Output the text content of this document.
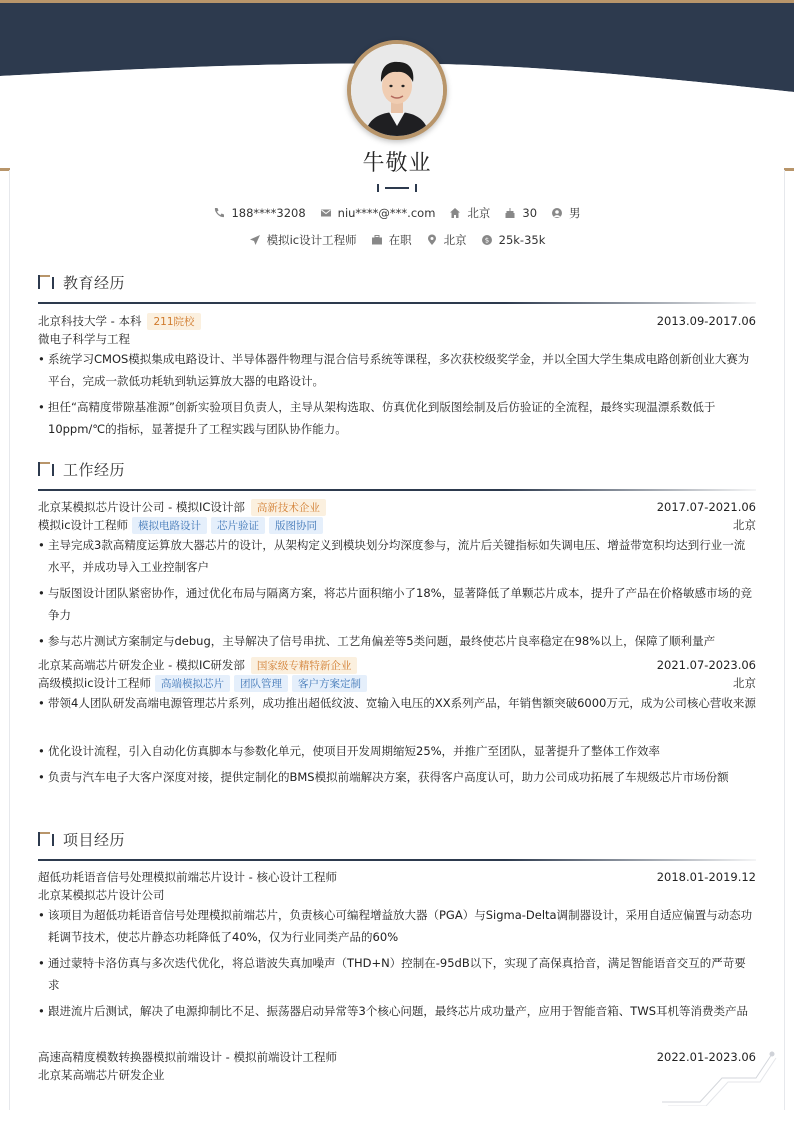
牛敬业
188****3208	niu****@***.com	北京	30	男
模拟ic设计工程师	在职	北京	$ 25k-35k
教育经历
北京科技大学 - 本科	211院校	2013.09-2017.06
微电子科学与工程
• 系统学习CMOS模拟集成电路设计、半导体器件物理与混合信号系统等课程，多次获校级奖学金，并以全国大学生集成电路创新创业大赛为平台，完成一款低功耗轨到轨运算放大器的电路设计。
• 担任“高精度带隙基准源”创新实验项目负责人，主导从架构选取、仿真优化到版图绘制及后仿验证的全流程，最终实现温漂系数低于10ppm/℃的指标，显著提升了工程实践与团队协作能力。
工作经历
北京某模拟芯片设计公司 - 模拟IC设计部	高新技术企业	2017.07-2021.06
模拟ic设计工程师 模拟电路设计	芯片验证	版图协同	北京
• 主导完成3款高精度运算放大器芯片的设计，从架构定义到模块划分均深度参与，流片后关键指标如失调电压、增益带宽积均达到行业一流水平，并成功导入工业控制客户
• 与版图设计团队紧密协作，通过优化布局与隔离方案，将芯片面积缩小了18%，显著降低了单颗芯片成本，提升了产品在价格敏感市场的竞争力
• 参与芯片测试方案制定与debug，主导解决了信号串扰、工艺角偏差等5类问题，最终使芯片良率稳定在98%以上，保障了顺利量产
北京某高端芯片研发企业 - 模拟IC研发部	国家级专精特新企业	2021.07-2023.06
高级模拟ic设计工程师 高端模拟芯片	团队管理	客户方案定制	北京
• 带领4人团队研发高端电源管理芯片系列，成功推出超低纹波、宽输入电压的XX系列产品，年销售额突破6000万元，成为公司核心营收来源
• 优化设计流程，引入自动化仿真脚本与参数化单元，使项目开发周期缩短25%，并推广至团队，显著提升了整体工作效率
• 负责与汽车电子大客户深度对接，提供定制化的BMS模拟前端解决方案，获得客户高度认可，助力公司成功拓展了车规级芯片市场份额
项目经历
超低功耗语音信号处理模拟前端芯片设计 - 核心设计工程师	2018.01-2019.12
北京某模拟芯片设计公司
• 该项目为超低功耗语音信号处理模拟前端芯片，负责核心可编程增益放大器（PGA）与Sigma-Delta调制器设计，采用自适应偏置与动态功耗调节技术，使芯片静态功耗降低了40%，仅为行业同类产品的60%
• 通过蒙特卡洛仿真与多次迭代优化，将总谐波失真加噪声（THD+N）控制在-95dB以下，实现了高保真拾音，满足智能语音交互的严苛要求
• 跟进流片后测试，解决了电源抑制比不足、振荡器启动异常等3个核心问题，最终芯片成功量产，应用于智能音箱、TWS耳机等消费类产品
高速高精度模数转换器模拟前端设计 - 模拟前端设计工程师	2022.01-2023.06
北京某高端芯片研发企业
